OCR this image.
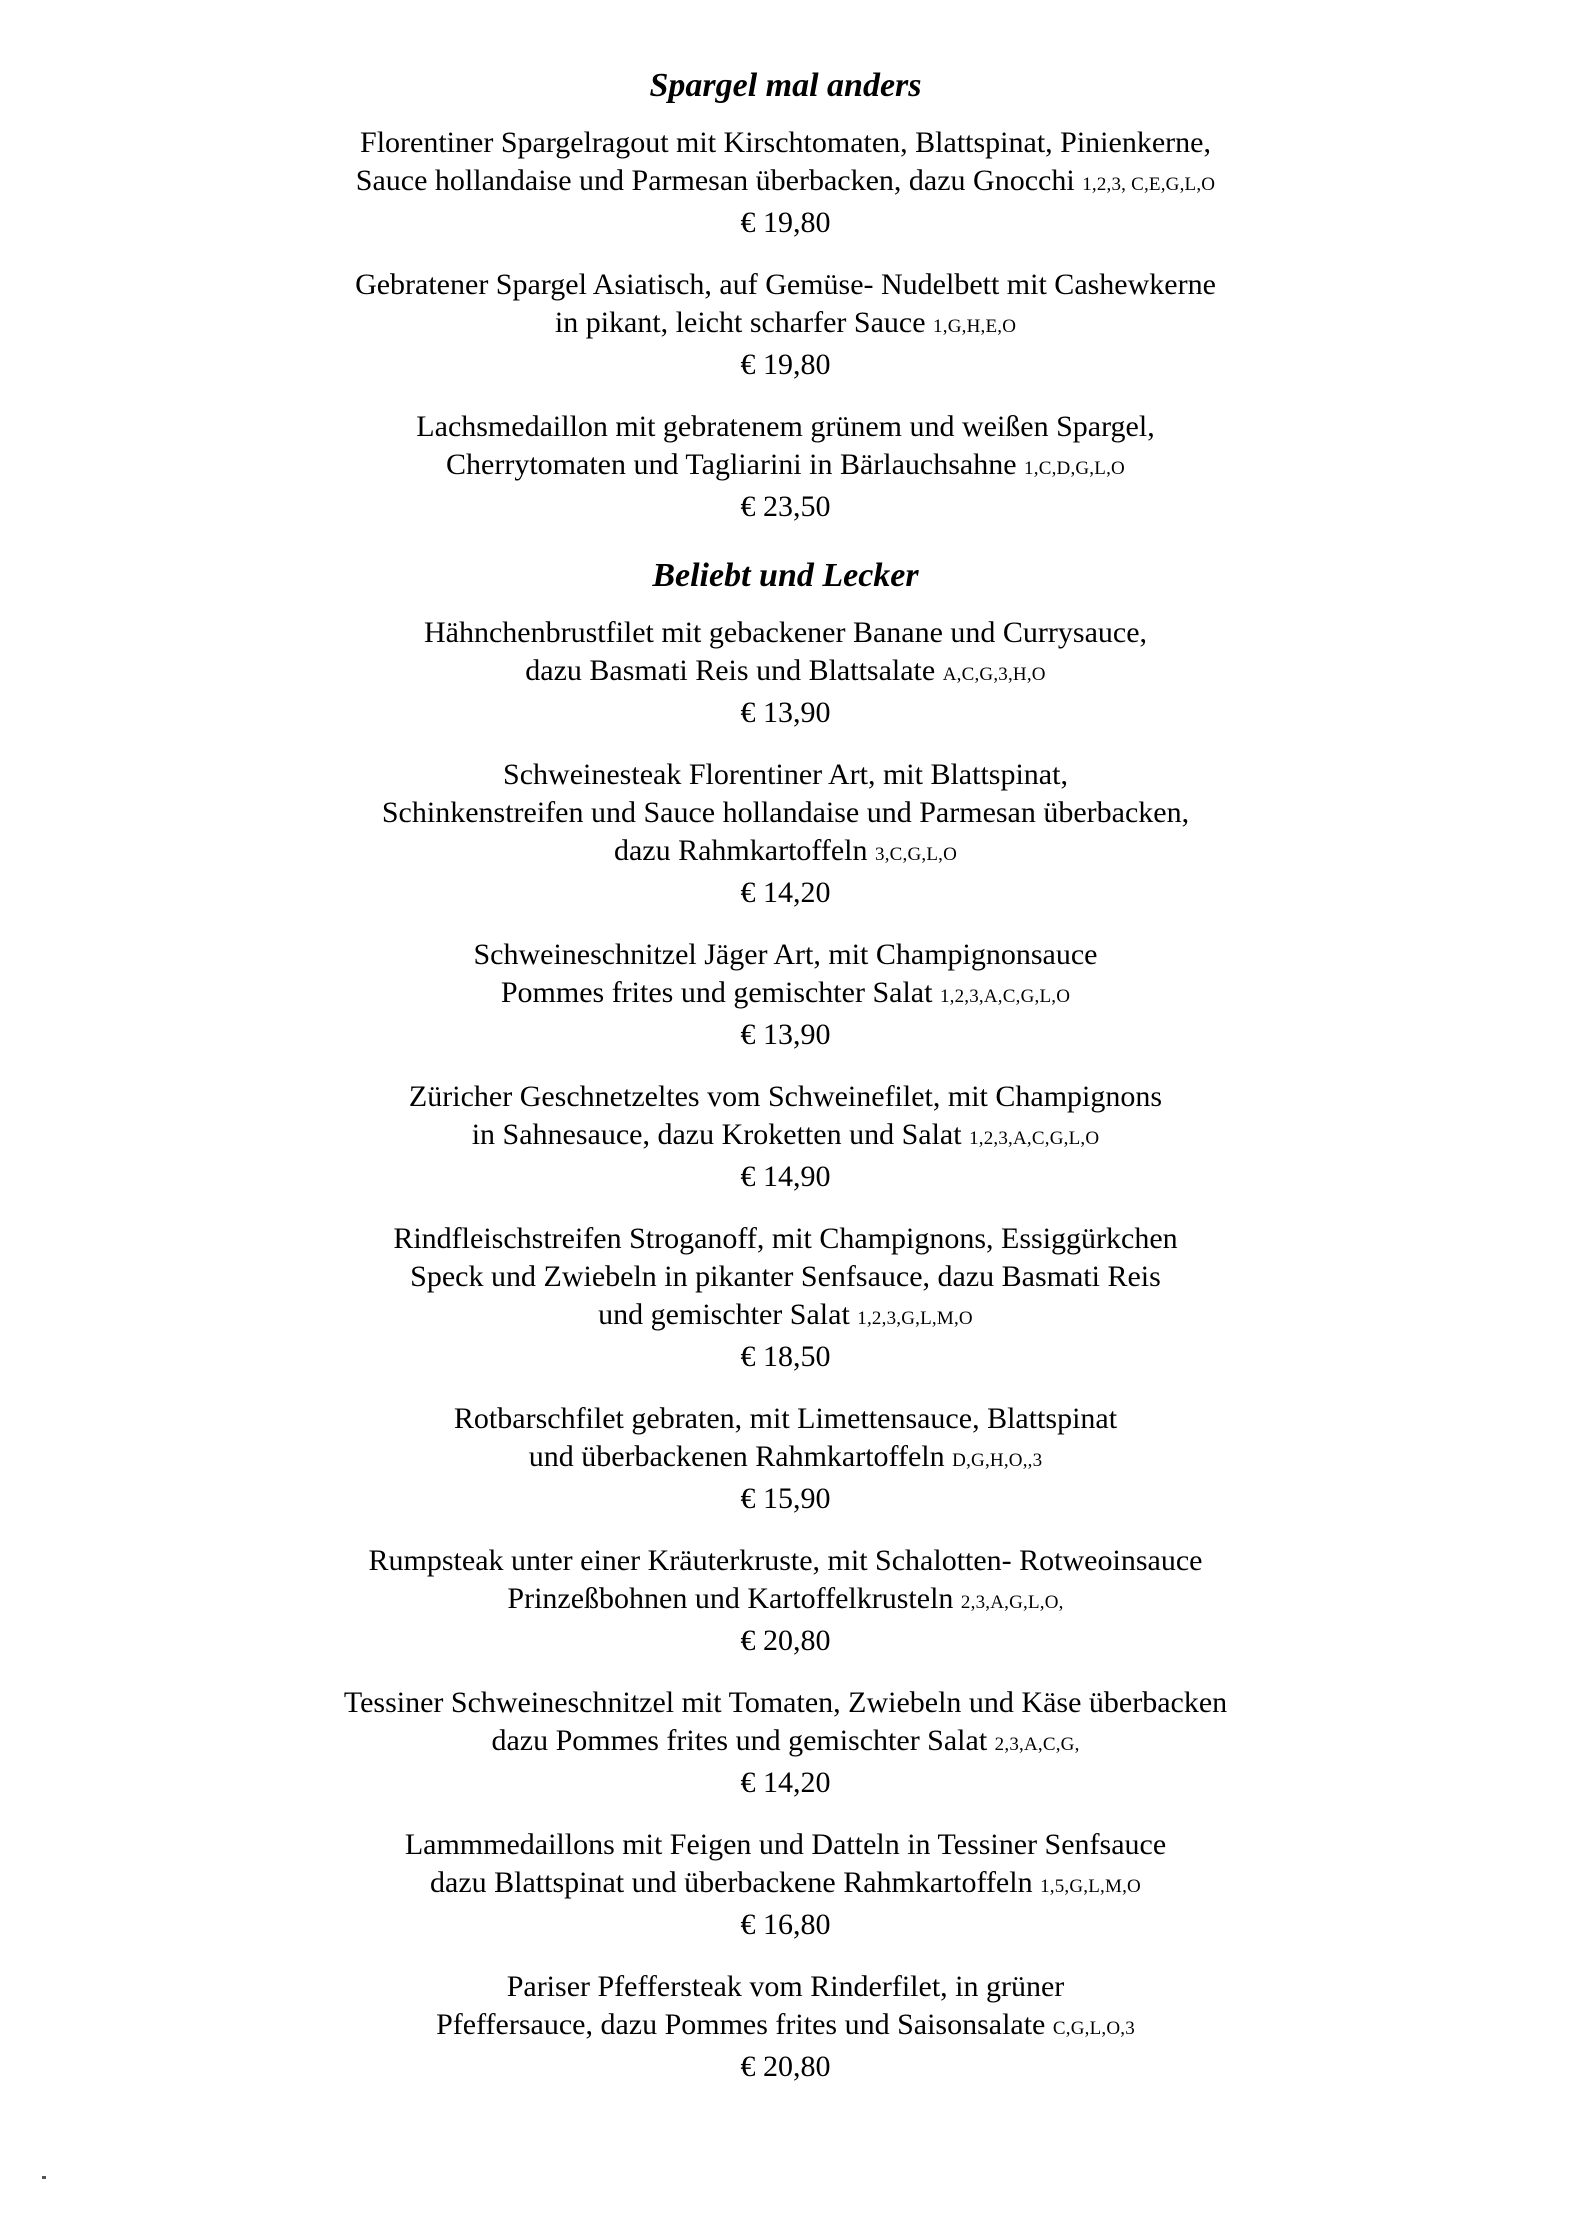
Spargel mal anders
Florentiner Spargelragout mit Kirschtomaten, Blattspinat, Pinienkerne,
Sauce hollandaise und Parmesan überbacken, dazu Gnocchi 1,2,3, C,E,G,L,O
€ 19,80
Gebratener Spargel Asiatisch, auf Gemüse- Nudelbett mit Cashewkerne
in pikant, leicht scharfer Sauce 1,G,H,E,O
€ 19,80
Lachsmedaillon mit gebratenem grünem und weißen Spargel,
Cherrytomaten und Tagliarini in Bärlauchsahne 1,C,D,G,L,O
€ 23,50
Beliebt und Lecker
Hähnchenbrustfilet mit gebackener Banane und Currysauce,
dazu Basmati Reis und Blattsalate A,C,G,3,H,O
€ 13,90
Schweinesteak Florentiner Art, mit Blattspinat,
Schinkenstreifen und Sauce hollandaise und Parmesan überbacken,
dazu Rahmkartoffeln 3,C,G,L,O
€ 14,20
Schweineschnitzel Jäger Art, mit Champignonsauce
Pommes frites und gemischter Salat 1,2,3,A,C,G,L,O
€ 13,90
Züricher Geschnetzeltes vom Schweinefilet, mit Champignons
in Sahnesauce, dazu Kroketten und Salat 1,2,3,A,C,G,L,O
€ 14,90
Rindfleischstreifen Stroganoff, mit Champignons, Essiggürkchen
Speck und Zwiebeln in pikanter Senfsauce, dazu Basmati Reis
und gemischter Salat 1,2,3,G,L,M,O
€ 18,50
Rotbarschfilet gebraten, mit Limettensauce, Blattspinat
und überbackenen Rahmkartoffeln D,G,H,O,,3
€ 15,90
Rumpsteak unter einer Kräuterkruste, mit Schalotten- Rotweoinsauce
Prinzeßbohnen und Kartoffelkrusteln 2,3,A,G,L,O,
€ 20,80
Tessiner Schweineschnitzel mit Tomaten, Zwiebeln und Käse überbacken
dazu Pommes frites und gemischter Salat 2,3,A,C,G,
€ 14,20
Lammmedaillons mit Feigen und Datteln in Tessiner Senfsauce
dazu Blattspinat und überbackene Rahmkartoffeln 1,5,G,L,M,O
€ 16,80
Pariser Pfeffersteak vom Rinderfilet, in grüner
Pfeffersauce, dazu Pommes frites und Saisonsalate C,G,L,O,3
€ 20,80
